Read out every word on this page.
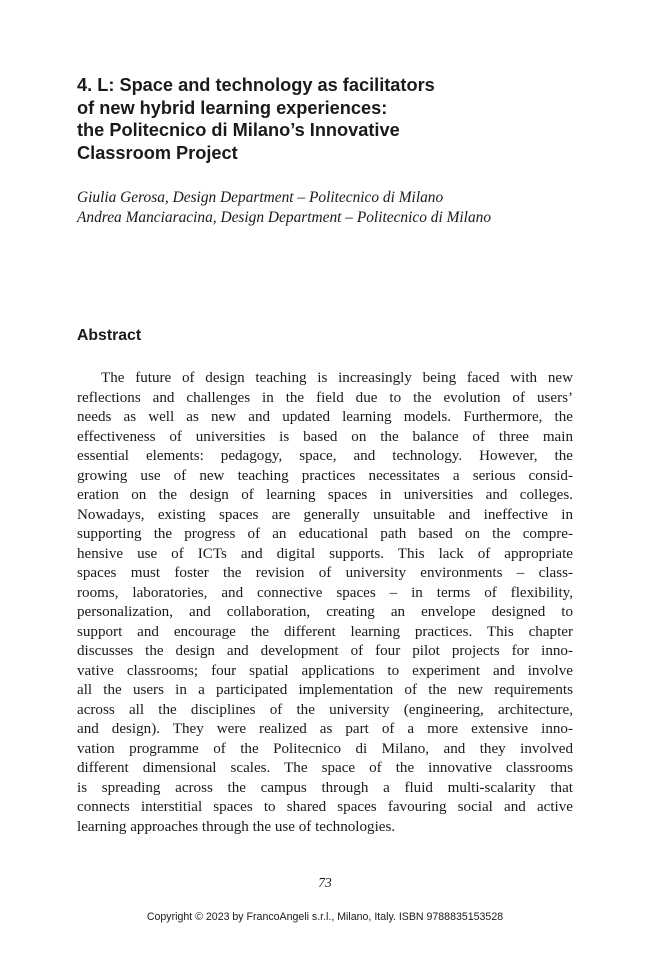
4. L: Space and technology as facilitators
of new hybrid learning experiences:
the Politecnico di Milano’s Innovative
Classroom Project
Giulia Gerosa, Design Department – Politecnico di Milano
Andrea Manciaracina, Design Department – Politecnico di Milano
Abstract
The future of design teaching is increasingly being faced with new
reflections and challenges in the field due to the evolution of users’
needs as well as new and updated learning models. Furthermore, the
effectiveness of universities is based on the balance of three main
essential elements: pedagogy, space, and technology. However, the
growing use of new teaching practices necessitates a serious consid-
eration on the design of learning spaces in universities and colleges.
Nowadays, existing spaces are generally unsuitable and ineffective in
supporting the progress of an educational path based on the compre-
hensive use of ICTs and digital supports. This lack of appropriate
spaces must foster the revision of university environments – class-
rooms, laboratories, and connective spaces – in terms of flexibility,
personalization, and collaboration, creating an envelope designed to
support and encourage the different learning practices. This chapter
discusses the design and development of four pilot projects for inno-
vative classrooms; four spatial applications to experiment and involve
all the users in a participated implementation of the new requirements
across all the disciplines of the university (engineering, architecture,
and design). They were realized as part of a more extensive inno-
vation programme of the Politecnico di Milano, and they involved
different dimensional scales. The space of the innovative classrooms
is spreading across the campus through a fluid multi-scalarity that
connects interstitial spaces to shared spaces favouring social and active
learning approaches through the use of technologies.
73
Copyright © 2023 by FrancoAngeli s.r.l., Milano, Italy. ISBN 9788835153528
